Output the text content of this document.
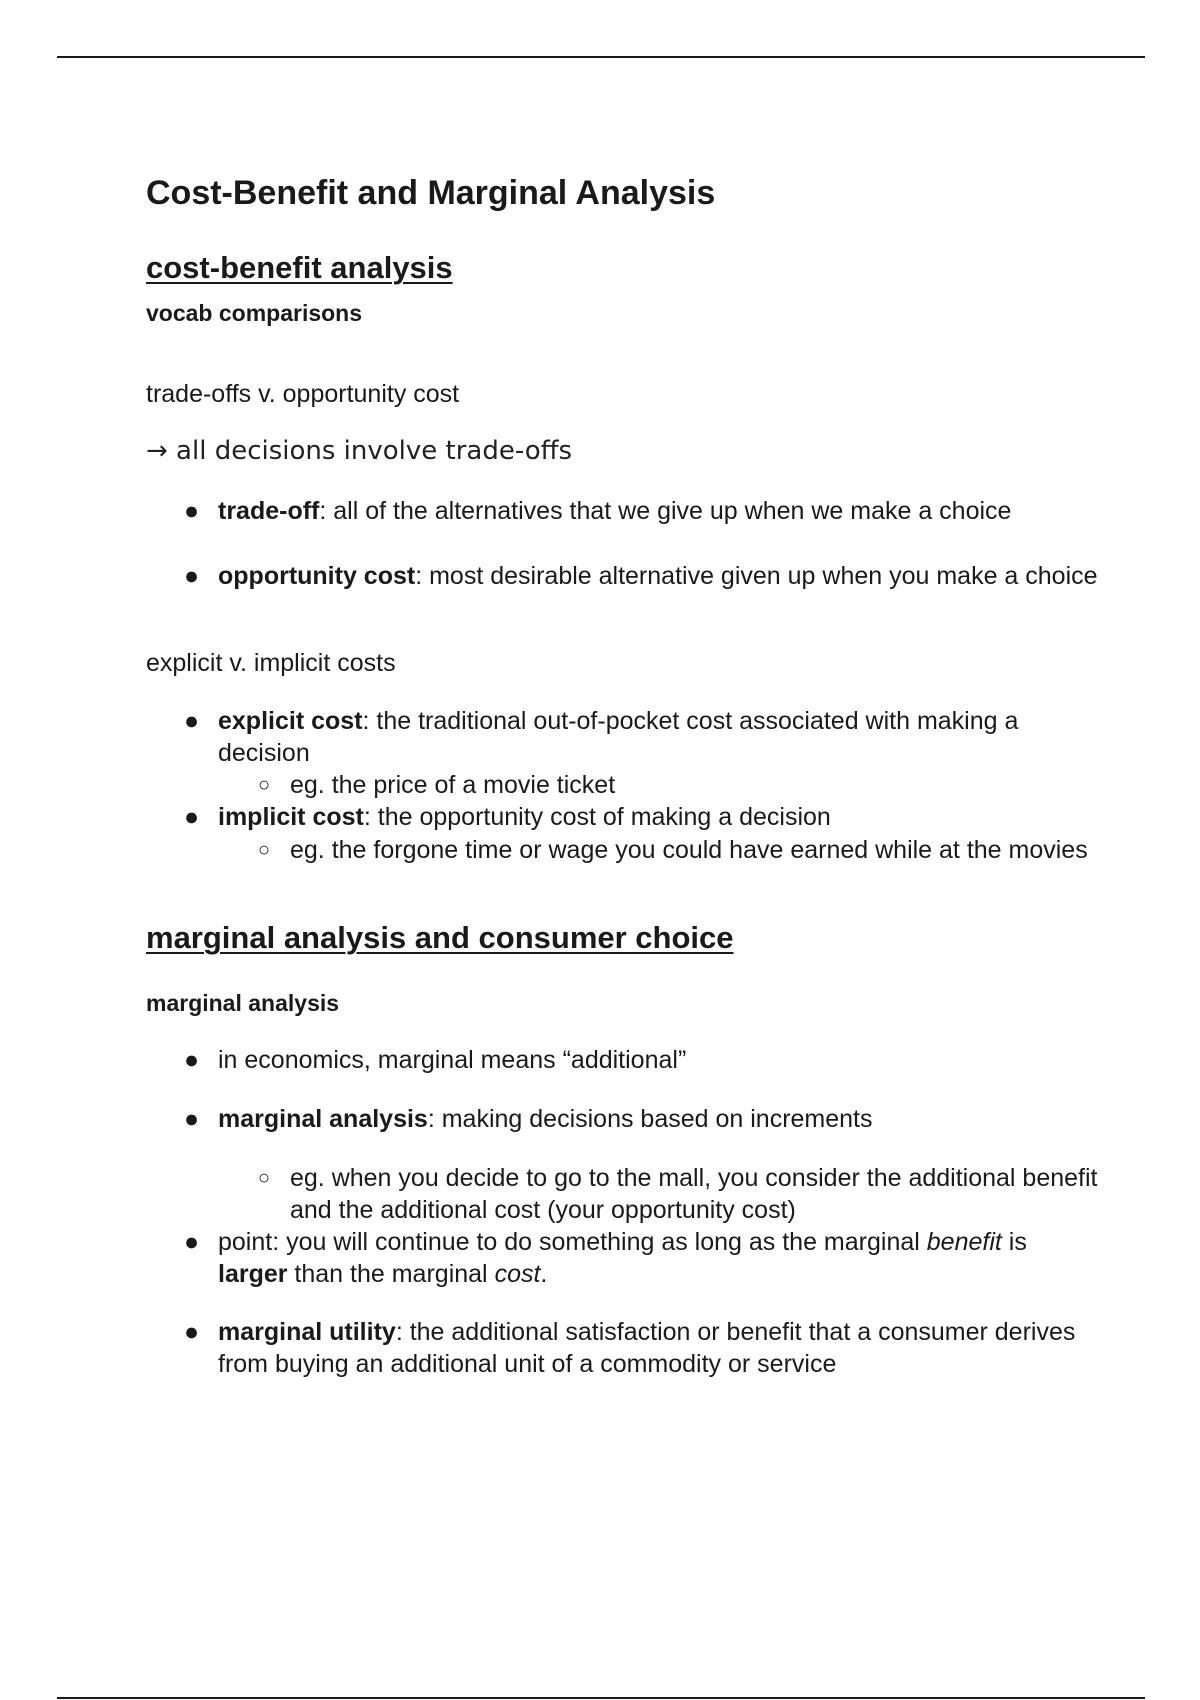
Cost-Benefit and Marginal Analysis
cost-benefit analysis
vocab comparisons

trade-offs v. opportunity cost

→ all decisions involve trade-offs

● trade-off: all of the alternatives that we give up when we make a choice
● opportunity cost: most desirable alternative given up when you make a choice

explicit v. implicit costs

● explicit cost: the traditional out-of-pocket cost associated with making a decision
○ eg. the price of a movie ticket
● implicit cost: the opportunity cost of making a decision
○ eg. the forgone time or wage you could have earned while at the movies
marginal analysis and consumer choice
marginal analysis
● in economics, marginal means “additional”
● marginal analysis: making decisions based on increments
○ eg. when you decide to go to the mall, you consider the additional benefit and the additional cost (your opportunity cost)
● point: you will continue to do something as long as the marginal benefit is larger than the marginal cost.
● marginal utility: the additional satisfaction or benefit that a consumer derives from buying an additional unit of a commodity or service
